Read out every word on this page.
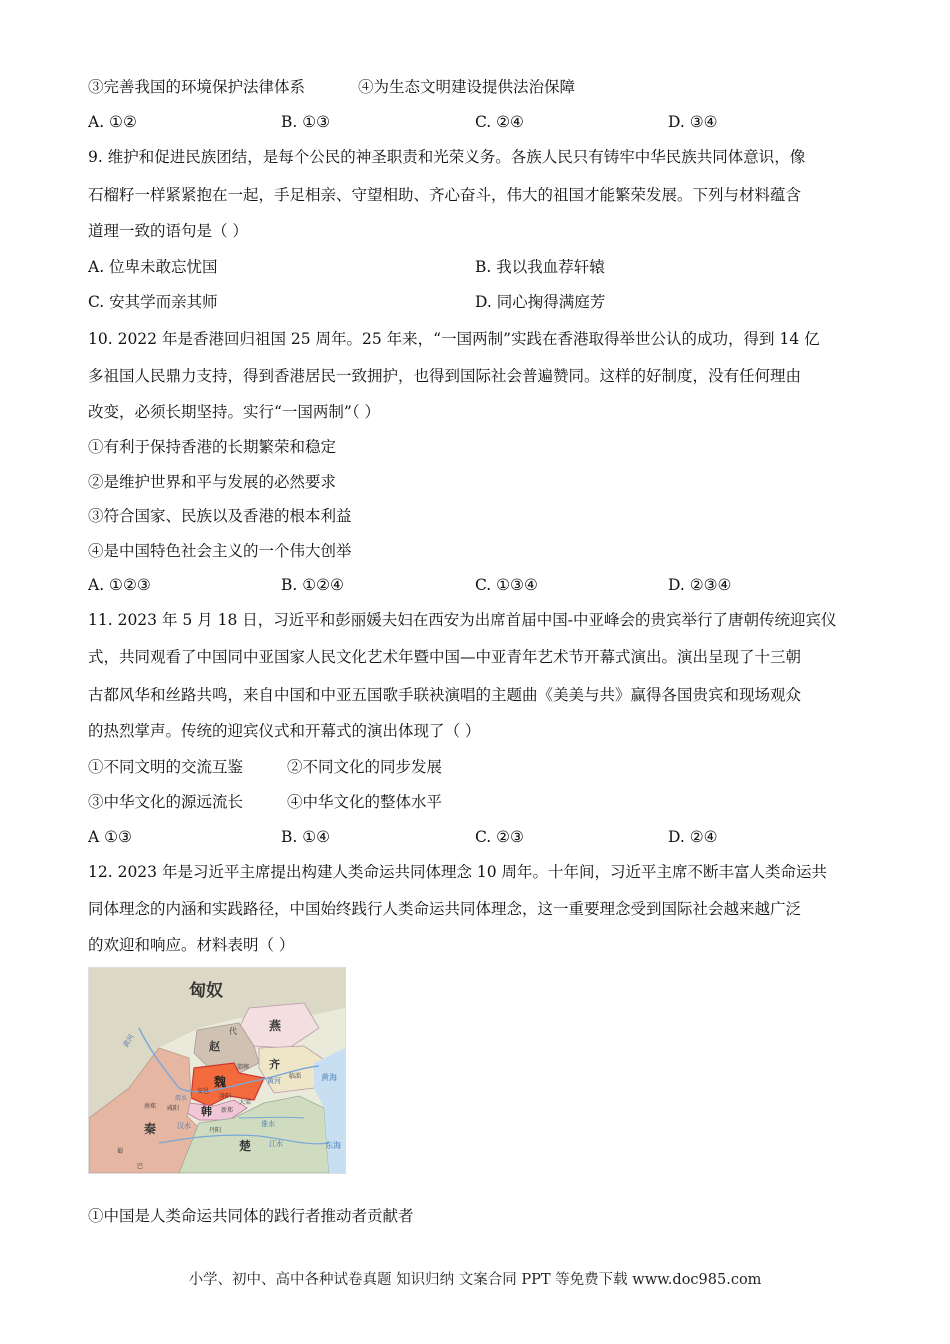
③完善我国的环境保护法律体系	④为生态文明建设提供法治保障
A. ①②	B. ①③	C. ②④	D. ③④
9. 维护和促进民族团结，是每个公民的神圣职责和光荣义务。各族人民只有铸牢中华民族共同体意识，像
石榴籽一样紧紧抱在一起，手足相亲、守望相助、齐心奋斗，伟大的祖国才能繁荣发展。下列与材料蕴含
道理一致的语句是（ ）
A. 位卑未敢忘忧国	B. 我以我血荐轩辕
C. 安其学而亲其师	D. 同心掬得满庭芳
10. 2022 年是香港回归祖国 25 周年。25 年来，“一国两制”实践在香港取得举世公认的成功，得到 14 亿
多祖国人民鼎力支持，得到香港居民一致拥护，也得到国际社会普遍赞同。这样的好制度，没有任何理由
改变，必须长期坚持。实行“一国两制”（ ）
①有利于保持香港的长期繁荣和稳定
②是维护世界和平与发展的必然要求
③符合国家、民族以及香港的根本利益
④是中国特色社会主义的一个伟大创举
A. ①②③	B. ①②④	C. ①③④	D. ②③④
11. 2023 年 5 月 18 日，习近平和彭丽媛夫妇在西安为出席首届中国-中亚峰会的贵宾举行了唐朝传统迎宾仪
式，共同观看了中国同中亚国家人民文化艺术年暨中国—中亚青年艺术节开幕式演出。演出呈现了十三朝
古都风华和丝路共鸣，来自中国和中亚五国歌手联袂演唱的主题曲《美美与共》赢得各国贵宾和现场观众
的热烈掌声。传统的迎宾仪式和开幕式的演出体现了（ ）
①不同文明的交流互鉴	②不同文化的同步发展
③中华文化的源远流长	④中华文化的整体水平
A ①③	B. ①④	C. ②③	D. ②④
12. 2023 年是习近平主席提出构建人类命运共同体理念 10 周年。十年间，习近平主席不断丰富人类命运共
同体理念的内涵和实践路径，中国始终践行人类命运共同体理念，这一重要理念受到国际社会越来越广泛
的欢迎和响应。材料表明（ ）
匈奴
燕
代
赵
齐
魏
韩
秦
楚
邯郸
临淄
大梁
洛阳
安邑
新郑
咸阳
南郑
丹阳
蜀
巴
黄河	黄海
东海
汉水	淮水
江水
渭水
黄河
①中国是人类命运共同体的践行者推动者贡献者
小学、初中、高中各种试卷真题 知识归纳 文案合同 PPT 等免费下载 www.doc985.com
